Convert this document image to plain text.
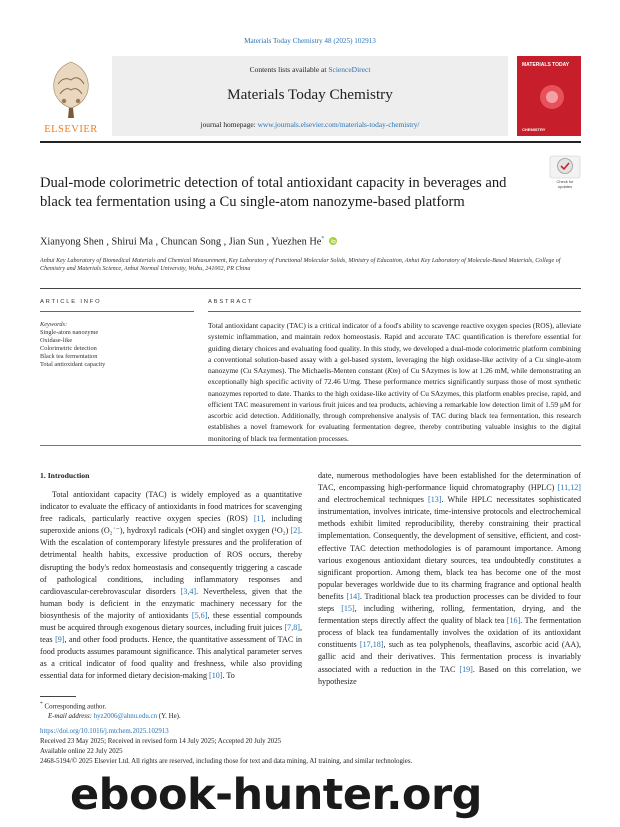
Materials Today Chemistry 48 (2025) 102913
ELSEVIER
Contents lists available at ScienceDirect
Materials Today Chemistry
journal homepage: www.journals.elsevier.com/materials-today-chemistry/
MATERIALS TODAY
CHEMISTRY
Dual-mode colorimetric detection of total antioxidant capacity in beverages and black tea fermentation using a Cu single-atom nanozyme-based platform
Check for updates
Xianyong Shen , Shirui Ma , Chuncan Song , Jian Sun , Yuezhen He*
Anhui Key Laboratory of Biomedical Materials and Chemical Measurement, Key Laboratory of Functional Molecular Solids, Ministry of Education, Anhui Key Laboratory of Molecule-Based Materials, College of Chemistry and Materials Science, Anhui Normal University, Wuhu, 241002, PR China
ARTICLE INFO	ABSTRACT
Keywords:
Single-atom nanozyme
Oxidase-like
Colorimetric detection
Black tea fermentation
Total antioxidant capacity
Total antioxidant capacity (TAC) is a critical indicator of a food's ability to scavenge reactive oxygen species (ROS), alleviate systemic inflammation, and maintain redox homeostasis. Rapid and accurate TAC quantification is therefore essential for guiding dietary choices and evaluating food quality. In this study, we developed a dual-mode colorimetric platform combining a conventional solution-based assay with a gel-based system, leveraging the high oxidase-like activity of a Cu single-atom nanozyme (Cu SAzymes). The Michaelis-Menten constant (Km) of Cu SAzymes is low at 1.26 mM, while demonstrating an exceptionally high specific activity of 72.46 U/mg. These performance metrics significantly surpass those of most synthetic nanozymes reported to date. Thanks to the high oxidase-like activity of Cu SAzymes, this platform enables precise, rapid, and efficient TAC measurement in various fruit juices and tea products, achieving a remarkable low detection limit of 1.59 μM for ascorbic acid detection. Additionally, through comprehensive analysis of TAC during black tea fermentation, this research establishes a novel framework for evaluating fermentation degree, thereby contributing valuable insights to the digital monitoring of black tea fermentation processes.
1. Introduction

Total antioxidant capacity (TAC) is widely employed as a quantitative indicator to evaluate the efficacy of antioxidants in food matrices for scavenging free radicals, particularly reactive oxygen species (ROS) [1], including superoxide anions (O₂˙⁻), hydroxyl radicals (•OH) and singlet oxygen (¹O₂) [2]. With the escalation of contemporary lifestyle pressures and the proliferation of detrimental health habits, excessive production of ROS occurs, thereby disrupting the body's redox homeostasis and consequently triggering a cascade of pathological conditions, including inflammatory responses and cardiovascular-cerebrovascular disorders [3,4]. Nevertheless, given that the human body is deficient in the enzymatic machinery necessary for the biosynthesis of the majority of antioxidants [5,6], these essential compounds must be acquired through exogenous dietary sources, including fruit juices [7,8], teas [9], and other food products. Hence, the quantitative assessment of TAC in food products assumes paramount significance. This analytical parameter serves as a critical indicator of food quality and freshness, while also providing essential data for informed dietary decision-making [10]. To

date, numerous methodologies have been established for the determination of TAC, encompassing high-performance liquid chromatography (HPLC) [11,12] and electrochemical techniques [13]. While HPLC necessitates sophisticated instrumentation, involves intricate, time-intensive protocols and electrochemical methods exhibit limited reproducibility, thereby constraining their practical implementation. Consequently, the development of sensitive, efficient, and cost-effective TAC detection methodologies is of paramount importance. Among various exogenous antioxidant dietary sources, tea undoubtedly constitutes a significant proportion. Among them, black tea has become one of the most popular beverages worldwide due to its charming fragrance and optional health benefits [14]. Traditional black tea production processes can be divided to four steps [15], including withering, rolling, fermentation, drying, and the fermentation steps directly affect the quality of black tea [16]. The fermentation process of black tea fundamentally involves the oxidation of its antioxidant constituents [17,18], such as tea polyphenols, theaflavins, ascorbic acid (AA), gallic acid and their derivatives. This fermentation process is invariably associated with a reduction in the TAC [19]. Based on this correlation, we hypothesize

* Corresponding author.
E-mail address: hyz2006@ahnu.edu.cn (Y. He).
https://doi.org/10.1016/j.mtchem.2025.102913
Received 23 May 2025; Received in revised form 14 July 2025; Accepted 20 July 2025
Available online 22 July 2025
2468-5194/© 2025 Elsevier Ltd. All rights are reserved, including those for text and data mining, AI training, and similar technologies.
ebook-hunter.org
